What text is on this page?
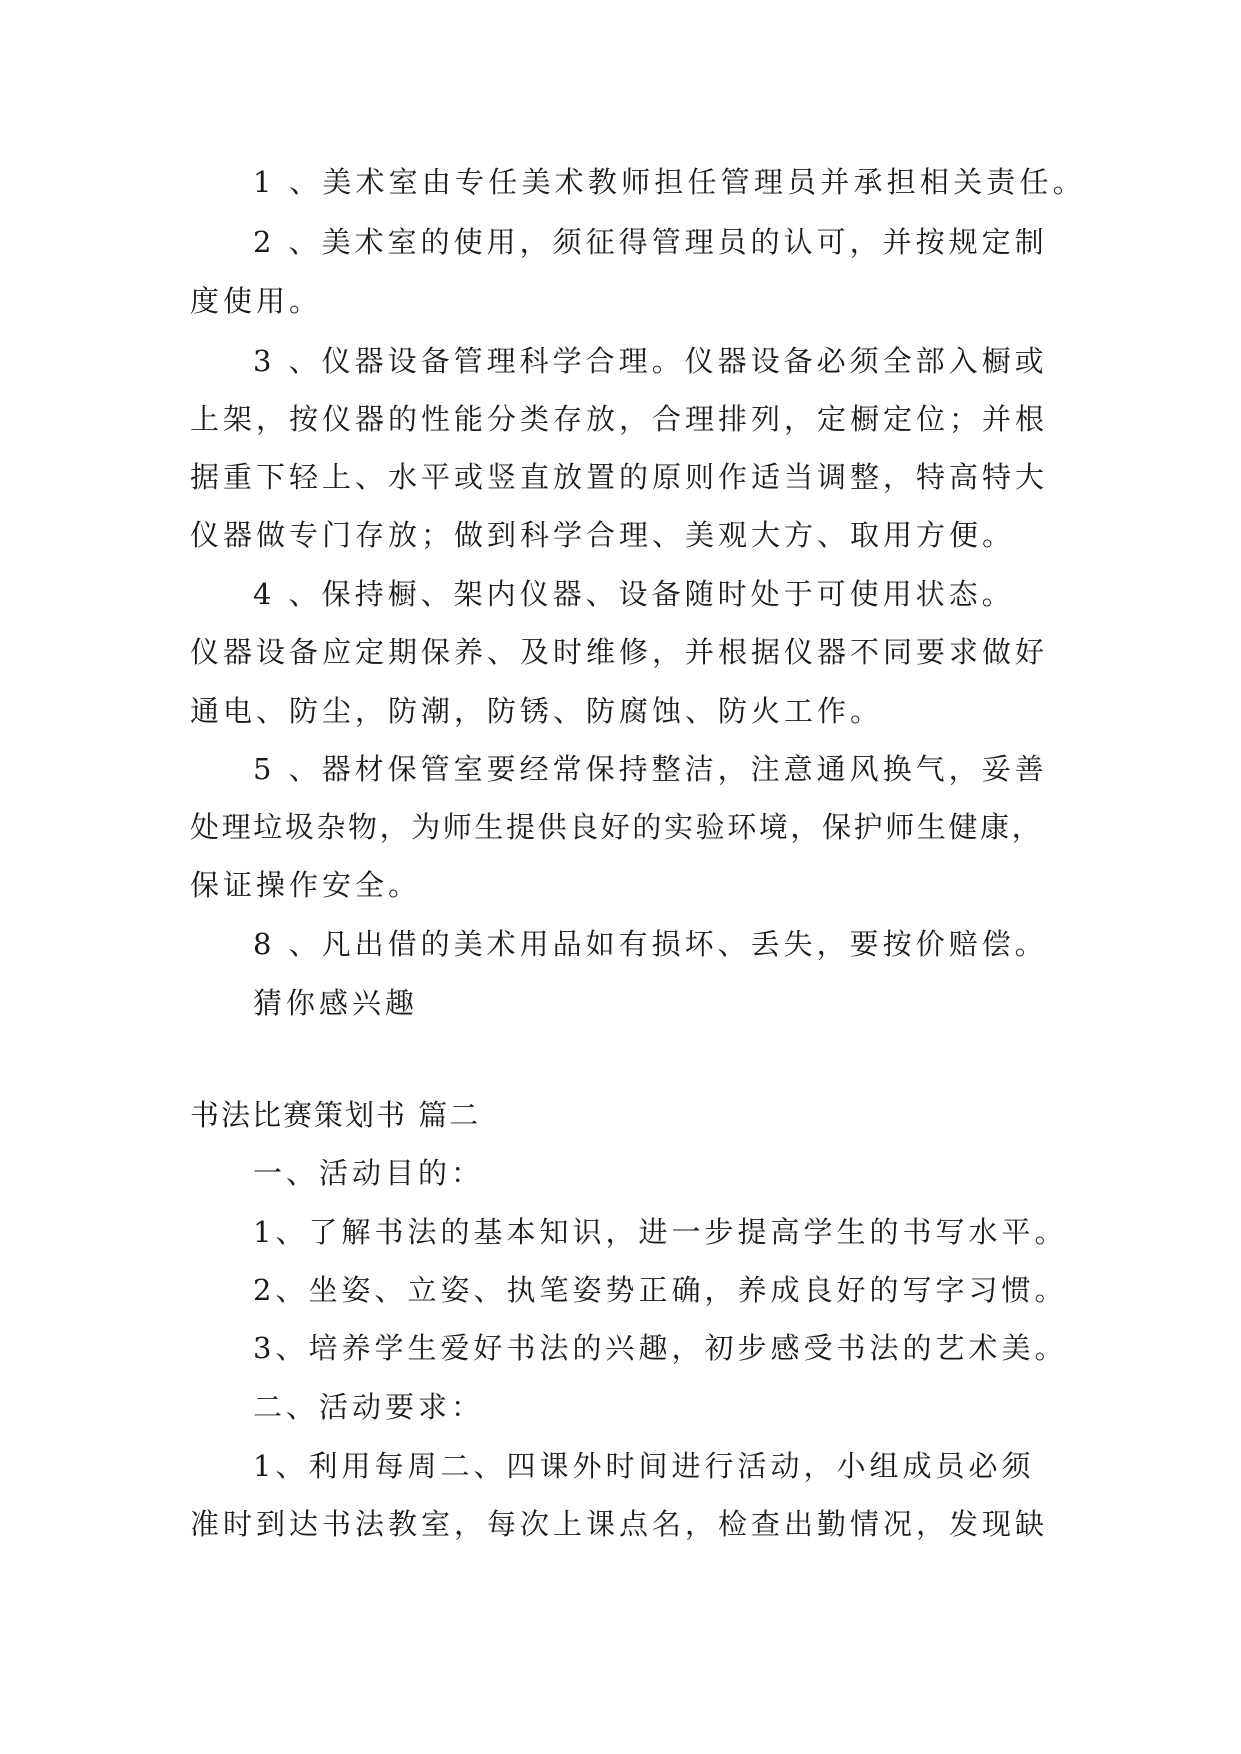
1 、美术室由专任美术教师担任管理员并承担相关责任。
2 、美术室的使用，须征得管理员的认可，并按规定制
度使用。
3 、仪器设备管理科学合理。仪器设备必须全部入橱或
上架，按仪器的性能分类存放，合理排列，定橱定位；并根
据重下轻上、水平或竖直放置的原则作适当调整，特高特大
仪器做专门存放；做到科学合理、美观大方、取用方便。
4 、保持橱、架内仪器、设备随时处于可使用状态。
仪器设备应定期保养、及时维修，并根据仪器不同要求做好
通电、防尘，防潮，防锈、防腐蚀、防火工作。
5 、器材保管室要经常保持整洁，注意通风换气，妥善
处理垃圾杂物，为师生提供良好的实验环境，保护师生健康，
保证操作安全。
8 、凡出借的美术用品如有损坏、丢失，要按价赔偿。
猜你感兴趣
书法比赛策划书 篇二
一、活动目的：
1、了解书法的基本知识，进一步提高学生的书写水平。
2、坐姿、立姿、执笔姿势正确，养成良好的写字习惯。
3、培养学生爱好书法的兴趣，初步感受书法的艺术美。
二、活动要求：
1、利用每周二、四课外时间进行活动，小组成员必须
准时到达书法教室，每次上课点名，检查出勤情况，发现缺
